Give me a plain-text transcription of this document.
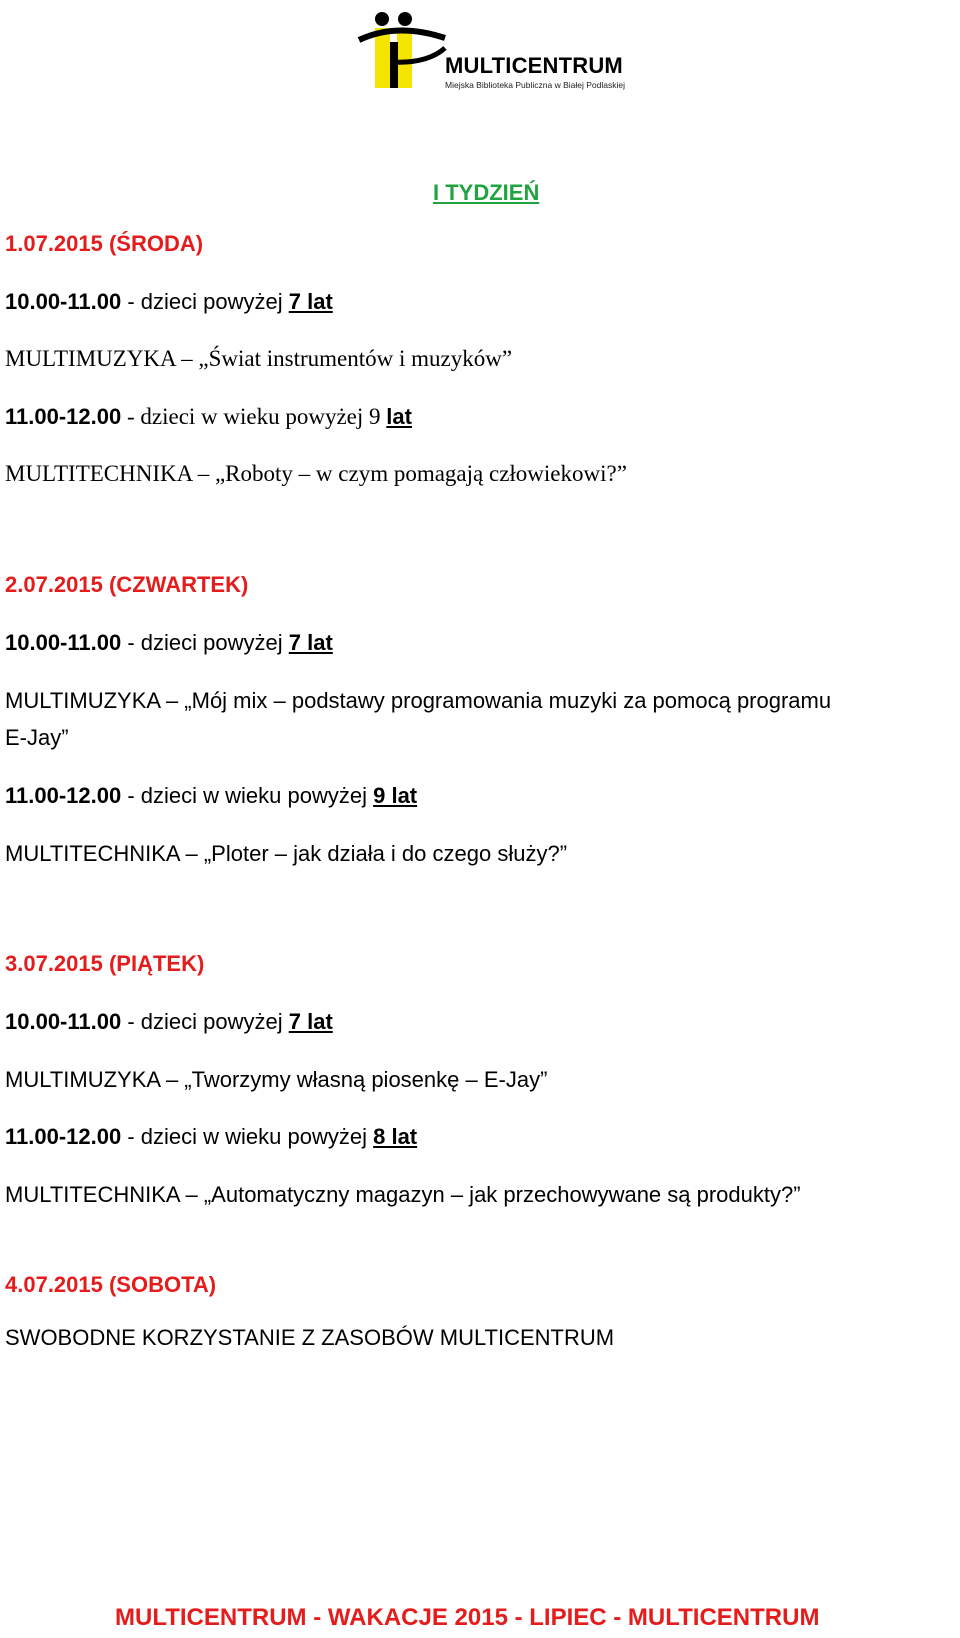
MULTICENTRUM
Miejska Biblioteka Publiczna w Białej Podlaskiej
I TYDZIEŃ
1.07.2015 (ŚRODA)
10.00-11.00 - dzieci powyżej 7 lat
MULTIMUZYKA – „Świat instrumentów i muzyków”
11.00-12.00 - dzieci w wieku powyżej 9 lat
MULTITECHNIKA – „Roboty – w czym pomagają człowiekowi?”
2.07.2015 (CZWARTEK)
10.00-11.00 - dzieci powyżej 7 lat
MULTIMUZYKA – „Mój mix – podstawy programowania muzyki za pomocą programu
E-Jay”
11.00-12.00 - dzieci w wieku powyżej 9 lat
MULTITECHNIKA – „Ploter – jak działa i do czego służy?”
3.07.2015 (PIĄTEK)
10.00-11.00 - dzieci powyżej 7 lat
MULTIMUZYKA – „Tworzymy własną piosenkę – E-Jay”
11.00-12.00 - dzieci w wieku powyżej 8 lat
MULTITECHNIKA – „Automatyczny magazyn – jak przechowywane są produkty?”
4.07.2015 (SOBOTA)
SWOBODNE KORZYSTANIE Z ZASOBÓW MULTICENTRUM
MULTICENTRUM - WAKACJE 2015 - LIPIEC - MULTICENTRUM
